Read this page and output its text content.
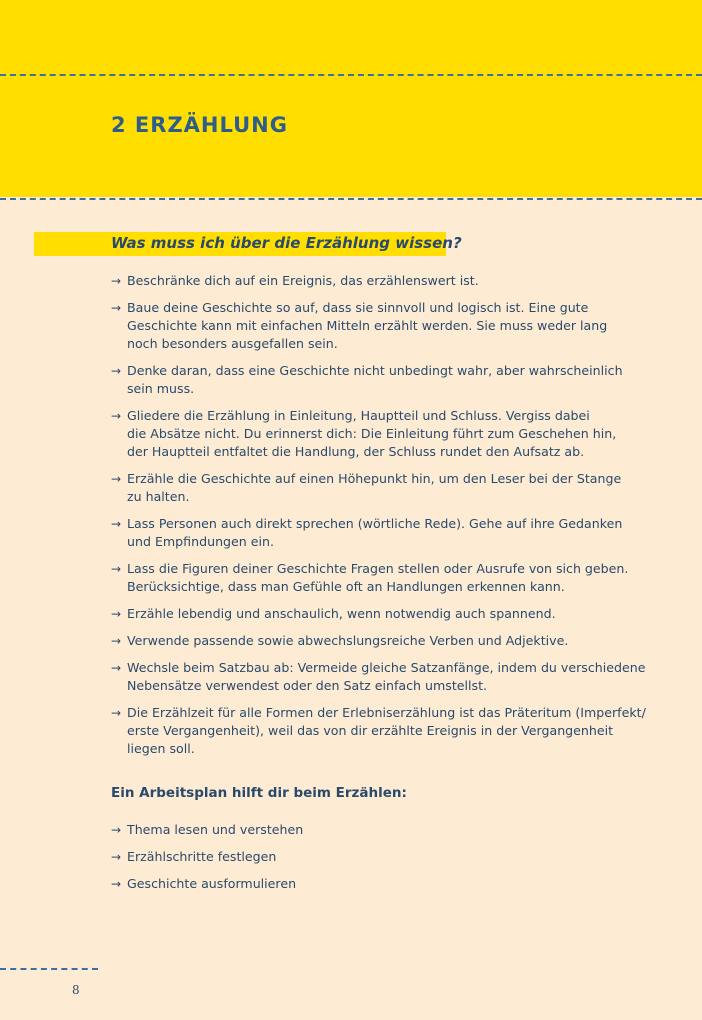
2 ERZÄHLUNG
Was muss ich über die Erzählung wissen?
→ Beschränke dich auf ein Ereignis, das erzählenswert ist.
→ Baue deine Geschichte so auf, dass sie sinnvoll und logisch ist. Eine gute
Geschichte kann mit einfachen Mitteln erzählt werden. Sie muss weder lang
noch besonders ausgefallen sein.
→ Denke daran, dass eine Geschichte nicht unbedingt wahr, aber wahrscheinlich
sein muss.
→ Gliedere die Erzählung in Einleitung, Hauptteil und Schluss. Vergiss dabei
die Absätze nicht. Du erinnerst dich: Die Einleitung führt zum Geschehen hin,
der Hauptteil entfaltet die Handlung, der Schluss rundet den Aufsatz ab.
→ Erzähle die Geschichte auf einen Höhepunkt hin, um den Leser bei der Stange
zu halten.
→ Lass Personen auch direkt sprechen (wörtliche Rede). Gehe auf ihre Gedanken
und Empfindungen ein.
→ Lass die Figuren deiner Geschichte Fragen stellen oder Ausrufe von sich geben.
Berücksichtige, dass man Gefühle oft an Handlungen erkennen kann.
→ Erzähle lebendig und anschaulich, wenn notwendig auch spannend.
→ Verwende passende sowie abwechslungsreiche Verben und Adjektive.
→ Wechsle beim Satzbau ab: Vermeide gleiche Satzanfänge, indem du verschiedene
Nebensätze verwendest oder den Satz einfach umstellst.
→ Die Erzählzeit für alle Formen der Erlebniserzählung ist das Präteritum (Imperfekt/
erste Vergangenheit), weil das von dir erzählte Ereignis in der Vergangenheit
liegen soll.
Ein Arbeitsplan hilft dir beim Erzählen:
→ Thema lesen und verstehen
→ Erzählschritte festlegen
→ Geschichte ausformulieren
8
